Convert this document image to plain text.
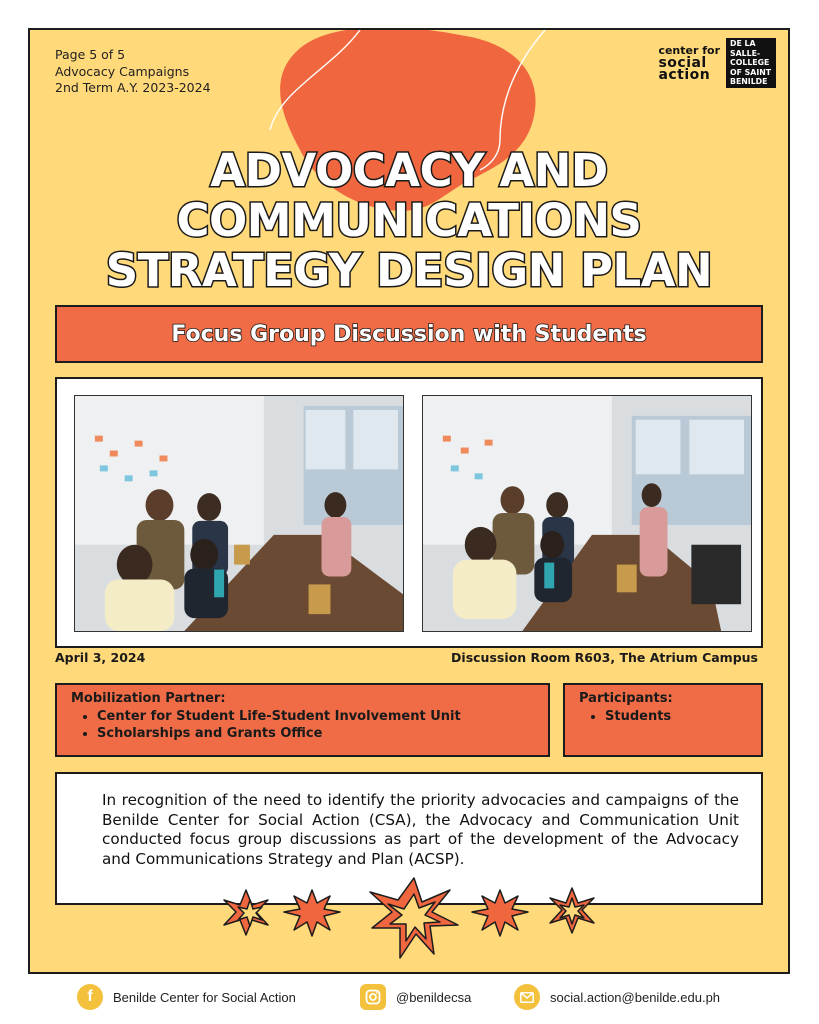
Page 5 of 5
Advocacy Campaigns
2nd Term A.Y. 2023-2024
center for
social
action
DE LA SALLE-
COLLEGE
OF SAINT
BENILDE
ADVOCACY AND
COMMUNICATIONS
STRATEGY DESIGN PLAN
Focus Group Discussion with Students
April 3, 2024	Discussion Room R603, The Atrium Campus
Mobilization Partner:
• Center for Student Life-Student Involvement Unit
• Scholarships and Grants Office
Participants:
• Students
In recognition of the need to identify the priority advocacies and campaigns of the Benilde Center for Social Action (CSA), the Advocacy and Communication Unit conducted focus group discussions as part of the development of the Advocacy and Communications Strategy and Plan (ACSP).
f	Benilde Center for Social Action	@benildecsa	social.action@benilde.edu.ph
